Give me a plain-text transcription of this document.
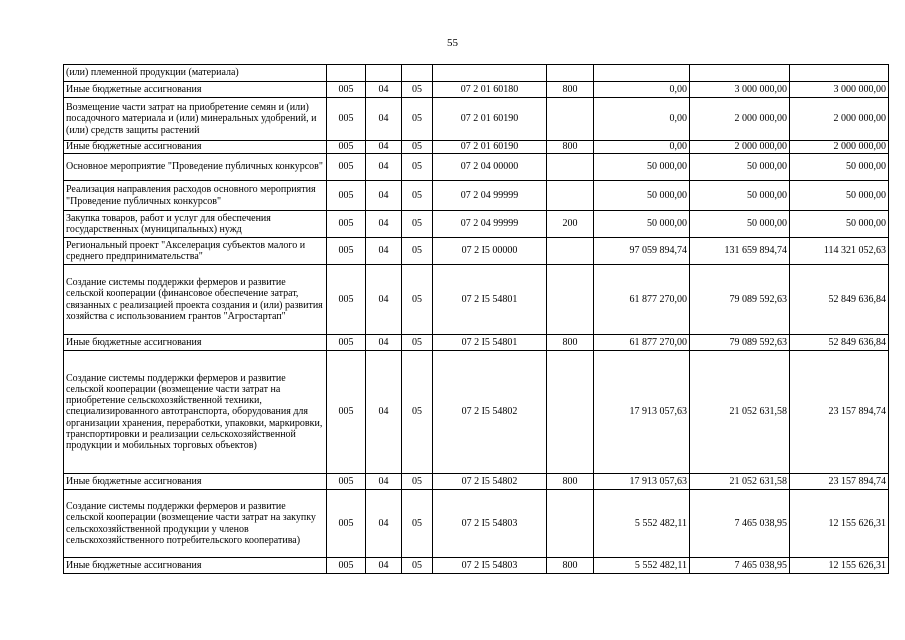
55
(или) племенной продукции (материала)								
Иные бюджетные ассигнования	005	04	05	07 2 01 60180	800	0,00	3 000 000,00	3 000 000,00
Возмещение части затрат на приобретение семян и (или) посадочного материала и (или) минеральных удобрений, и (или) средств защиты растений	005	04	05	07 2 01 60190		0,00	2 000 000,00	2 000 000,00
Иные бюджетные ассигнования	005	04	05	07 2 01 60190	800	0,00	2 000 000,00	2 000 000,00
Основное мероприятие "Проведение публичных конкурсов"	005	04	05	07 2 04 00000		50 000,00	50 000,00	50 000,00
Реализация направления расходов основного мероприятия "Проведение публичных конкурсов"	005	04	05	07 2 04 99999		50 000,00	50 000,00	50 000,00
Закупка товаров, работ и услуг для обеспечения государственных (муниципальных) нужд	005	04	05	07 2 04 99999	200	50 000,00	50 000,00	50 000,00
Региональный проект "Акселерация субъектов малого и среднего предпринимательства"	005	04	05	07 2 I5 00000		97 059 894,74	131 659 894,74	114 321 052,63
Создание системы поддержки фермеров и развитие сельской кооперации (финансовое обеспечение затрат, связанных с реализацией проекта создания и (или) развития хозяйства с использованием грантов "Агростартап"	005	04	05	07 2 I5 54801		61 877 270,00	79 089 592,63	52 849 636,84
Иные бюджетные ассигнования	005	04	05	07 2 I5 54801	800	61 877 270,00	79 089 592,63	52 849 636,84
Создание системы поддержки фермеров и развитие сельской кооперации (возмещение части затрат на приобретение сельскохозяйственной техники, специализированного автотранспорта, оборудования для организации хранения, переработки, упаковки, маркировки, транспортировки и реализации сельскохозяйственной продукции и мобильных торговых объектов)	005	04	05	07 2 I5 54802		17 913 057,63	21 052 631,58	23 157 894,74
Иные бюджетные ассигнования	005	04	05	07 2 I5 54802	800	17 913 057,63	21 052 631,58	23 157 894,74
Создание системы поддержки фермеров и развитие сельской кооперации (возмещение части затрат на закупку сельскохозяйственной продукции у членов сельскохозяйственного потребительского кооператива)	005	04	05	07 2 I5 54803		5 552 482,11	7 465 038,95	12 155 626,31
Иные бюджетные ассигнования	005	04	05	07 2 I5 54803	800	5 552 482,11	7 465 038,95	12 155 626,31
